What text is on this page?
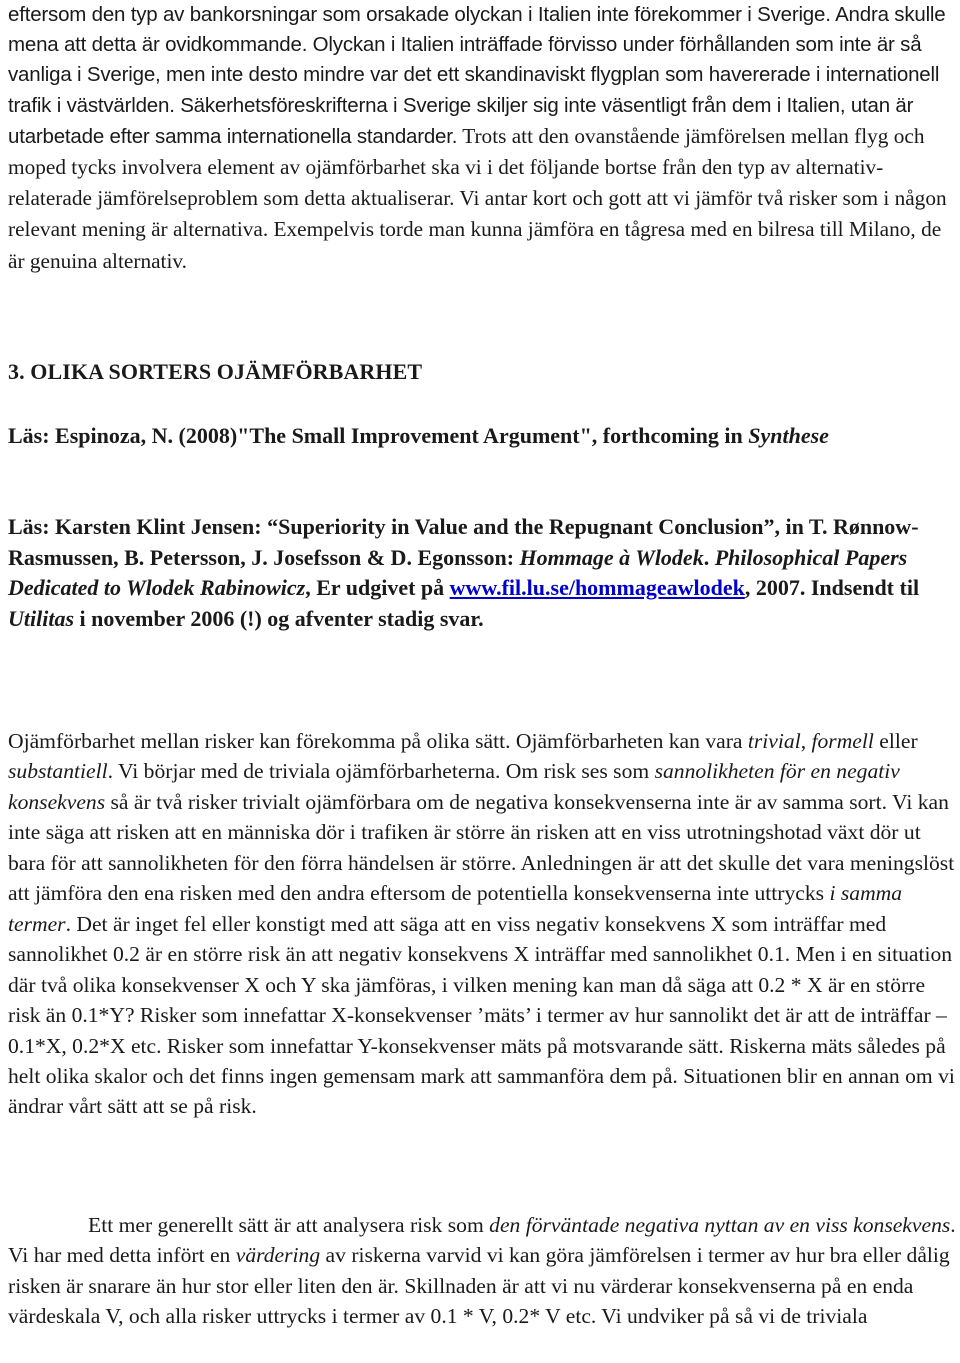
eftersom den typ av bankorsningar som orsakade olyckan i Italien inte förekommer i Sverige. Andra skulle mena att detta är ovidkommande. Olyckan i Italien inträffade förvisso under förhållanden som inte är så vanliga i Sverige, men inte desto mindre var det ett skandinaviskt flygplan som havererade i internationell trafik i västvärlden. Säkerhetsföreskrifterna i Sverige skiljer sig inte väsentligt från dem i Italien, utan är utarbetade efter samma internationella standarder. Trots att den ovanstående jämförelsen mellan flyg och moped tycks involvera element av ojämförbarhet ska vi i det följande bortse från den typ av alternativ-relaterade jämförelseproblem som detta aktualiserar. Vi antar kort och gott att vi jämför två risker som i någon relevant mening är alternativa. Exempelvis torde man kunna jämföra en tågresa med en bilresa till Milano, de är genuina alternativ.

3. OLIKA SORTERS OJÄMFÖRBARHET

Läs: Espinoza, N. (2008)"The Small Improvement Argument", forthcoming in Synthese

Läs: Karsten Klint Jensen: “Superiority in Value and the Repugnant Conclusion”, in T. Rønnow-Rasmussen, B. Petersson, J. Josefsson & D. Egonsson: Hommage à Wlodek. Philosophical Papers Dedicated to Wlodek Rabinowicz, Er udgivet på www.fil.lu.se/hommageawlodek, 2007. Indsendt til Utilitas i november 2006 (!) og afventer stadig svar.

Ojämförbarhet mellan risker kan förekomma på olika sätt. Ojämförbarheten kan vara trivial, formell eller substantiell. Vi börjar med de triviala ojämförbarheterna. Om risk ses som sannolikheten för en negativ konsekvens så är två risker trivialt ojämförbara om de negativa konsekvenserna inte är av samma sort. Vi kan inte säga att risken att en människa dör i trafiken är större än risken att en viss utrotningshotad växt dör ut bara för att sannolikheten för den förra händelsen är större. Anledningen är att det skulle det vara meningslöst att jämföra den ena risken med den andra eftersom de potentiella konsekvenserna inte uttrycks i samma termer. Det är inget fel eller konstigt med att säga att en viss negativ konsekvens X som inträffar med sannolikhet 0.2 är en större risk än att negativ konsekvens X inträffar med sannolikhet 0.1. Men i en situation där två olika konsekvenser X och Y ska jämföras, i vilken mening kan man då säga att 0.2 * X är en större risk än 0.1*Y? Risker som innefattar X-konsekvenser ’mäts’ i termer av hur sannolikt det är att de inträffar – 0.1*X, 0.2*X etc. Risker som innefattar Y-konsekvenser mäts på motsvarande sätt. Riskerna mäts således på helt olika skalor och det finns ingen gemensam mark att sammanföra dem på. Situationen blir en annan om vi ändrar vårt sätt att se på risk.

Ett mer generellt sätt är att analysera risk som den förväntade negativa nyttan av en viss konsekvens. Vi har med detta infört en värdering av riskerna varvid vi kan göra jämförelsen i termer av hur bra eller dålig risken är snarare än hur stor eller liten den är. Skillnaden är att vi nu värderar konsekvenserna på en enda värdeskala V, och alla risker uttrycks i termer av 0.1 * V, 0.2* V etc. Vi undviker på så vi de triviala
